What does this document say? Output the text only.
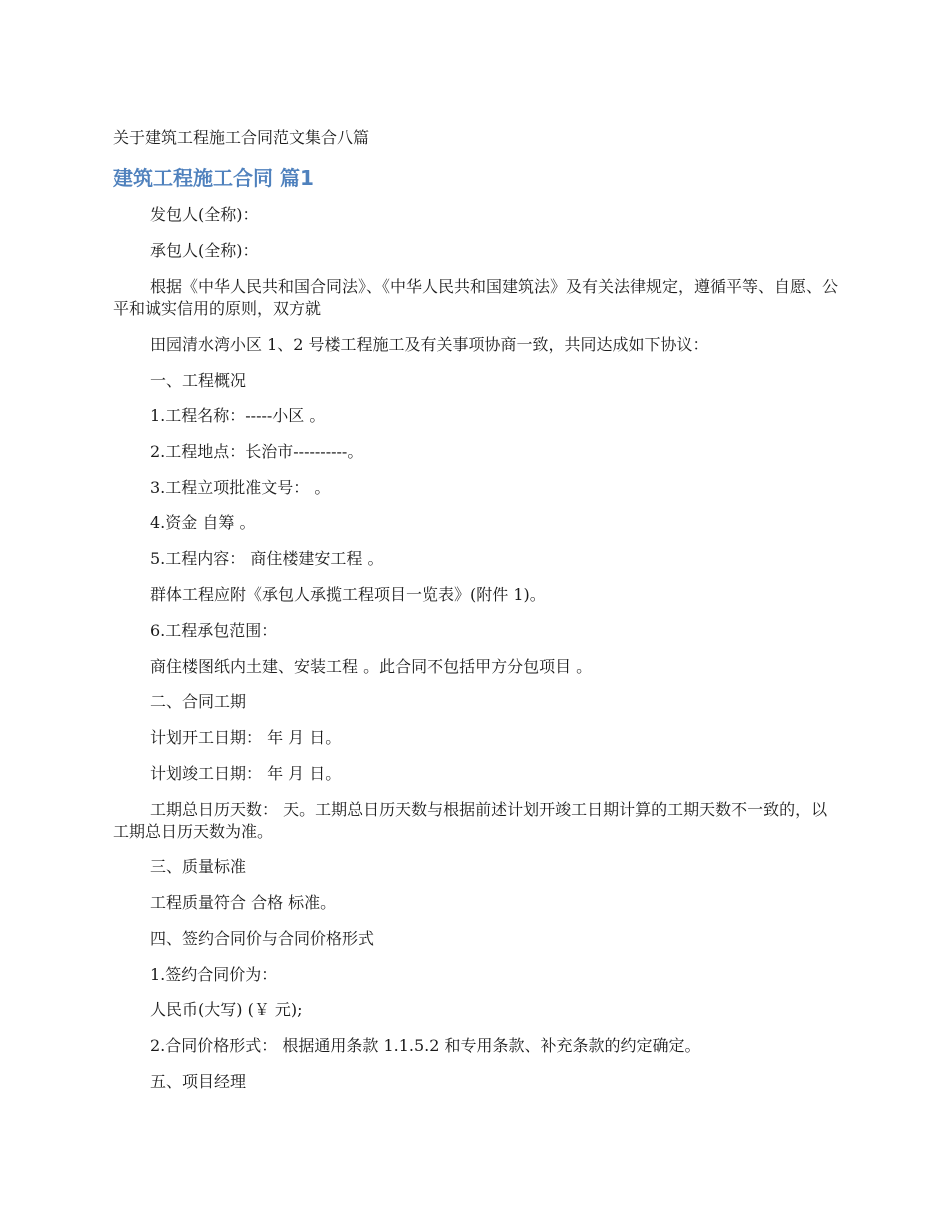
关于建筑工程施工合同范文集合八篇
建筑工程施工合同 篇1
发包人(全称)：
承包人(全称)：
根据《中华人民共和国合同法》、《中华人民共和国建筑法》及有关法律规定，遵循平等、自愿、公平和诚实信用的原则，双方就
田园清水湾小区 1、2 号楼工程施工及有关事项协商一致，共同达成如下协议：
一、工程概况
1.工程名称：-----小区 。
2.工程地点：长治市----------。
3.工程立项批准文号： 。
4.资金 自筹 。
5.工程内容： 商住楼建安工程 。
群体工程应附《承包人承揽工程项目一览表》(附件 1)。
6.工程承包范围：
商住楼图纸内土建、安装工程 。此合同不包括甲方分包项目 。
二、合同工期
计划开工日期： 年 月 日。
计划竣工日期： 年 月 日。
工期总日历天数： 天。工期总日历天数与根据前述计划开竣工日期计算的工期天数不一致的，以工期总日历天数为准。
三、质量标准
工程质量符合 合格 标准。
四、签约合同价与合同价格形式
1.签约合同价为：
人民币(大写) (￥ 元);
2.合同价格形式： 根据通用条款 1.1.5.2 和专用条款、补充条款的约定确定。
五、项目经理
